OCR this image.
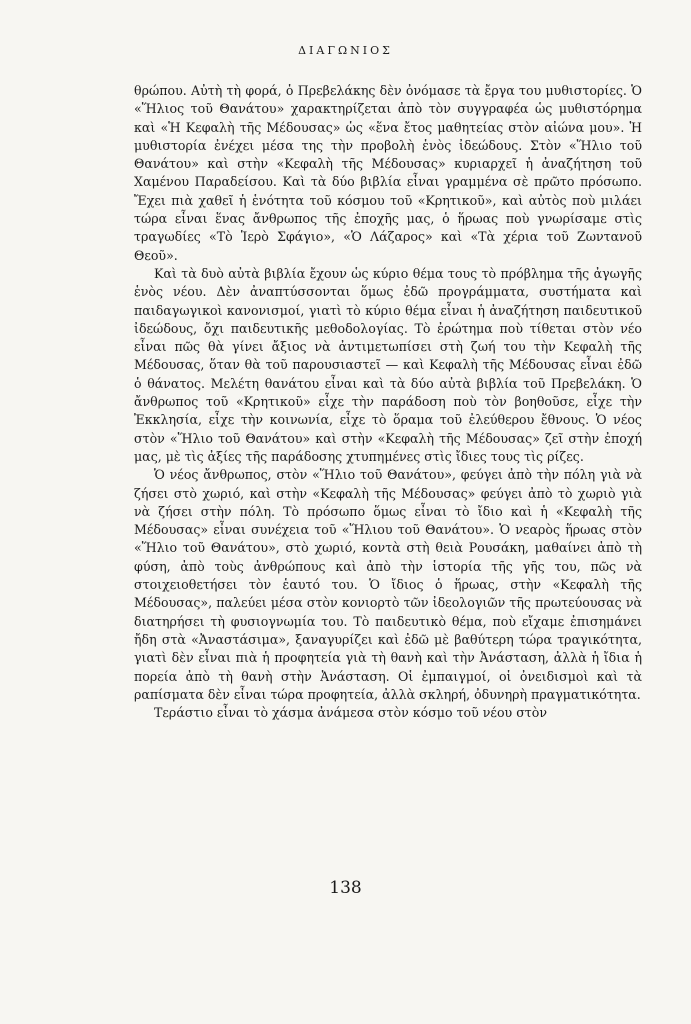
ΔΙΑΓΩΝΙΟΣ

θρώπου. Αὐτὴ τὴ φορά, ὁ Πρεβελάκης δὲν ὀνόμασε τὰ ἔργα του μυθιστορίες. Ὁ «Ἥλιος τοῦ Θανάτου» χαρακτηρίζεται ἀπὸ τὸν συγγραφέα ὡς μυθιστόρημα καὶ «Ἡ Κεφαλὴ τῆς Μέδουσας» ὡς «ἕνα ἔτος μαθητείας στὸν αἰώνα μου». Ἡ μυθιστορία ἐνέχει μέσα της τὴν προβολὴ ἑνὸς ἰδεώδους. Στὸν «Ἥλιο τοῦ Θανάτου» καὶ στὴν «Κεφαλὴ τῆς Μέδουσας» κυριαρχεῖ ἡ ἀναζήτηση τοῦ Χαμένου Παραδείσου. Καὶ τὰ δύο βιβλία εἶναι γραμμένα σὲ πρῶτο πρόσωπο. Ἔχει πιὰ χαθεῖ ἡ ἑνότητα τοῦ κόσμου τοῦ «Κρητικοῦ», καὶ αὐτὸς ποὺ μιλάει τώρα εἶναι ἕνας ἄνθρωπος τῆς ἐποχῆς μας, ὁ ἥρωας ποὺ γνωρίσαμε στὶς τραγωδίες «Τὸ Ἱερὸ Σφάγιο», «Ὁ Λάζαρος» καὶ «Τὰ χέρια τοῦ Ζωντανοῦ Θεοῦ».

Καὶ τὰ δυὸ αὐτὰ βιβλία ἔχουν ὡς κύριο θέμα τους τὸ πρόβλημα τῆς ἀγωγῆς ἑνὸς νέου. Δὲν ἀναπτύσσονται ὅμως ἐδῶ προγράμματα, συστήματα καὶ παιδαγωγικοὶ κανονισμοί, γιατὶ τὸ κύριο θέμα εἶναι ἡ ἀναζήτηση παιδευτικοῦ ἰδεώδους, ὄχι παιδευτικῆς μεθοδολογίας. Τὸ ἐρώτημα ποὺ τίθεται στὸν νέο εἶναι πῶς θὰ γίνει ἄξιος νὰ ἀντιμετωπίσει στὴ ζωή του τὴν Κεφαλὴ τῆς Μέδουσας, ὅταν θὰ τοῦ παρουσιαστεῖ — καὶ Κεφαλὴ τῆς Μέδουσας εἶναι ἐδῶ ὁ θάνατος. Μελέτη θανάτου εἶναι καὶ τὰ δύο αὐτὰ βιβλία τοῦ Πρεβελάκη. Ὁ ἄνθρωπος τοῦ «Κρητικοῦ» εἶχε τὴν παράδοση ποὺ τὸν βοηθοῦσε, εἶχε τὴν Ἐκκλησία, εἶχε τὴν κοινωνία, εἶχε τὸ ὅραμα τοῦ ἐλεύθερου ἔθνους. Ὁ νέος στὸν «Ἥλιο τοῦ Θανάτου» καὶ στὴν «Κεφαλὴ τῆς Μέδουσας» ζεῖ στὴν ἐποχή μας, μὲ τὶς ἀξίες τῆς παράδοσης χτυπημένες στὶς ἴδιες τους τὶς ρίζες.

Ὁ νέος ἄνθρωπος, στὸν «Ἥλιο τοῦ Θανάτου», φεύγει ἀπὸ τὴν πόλη γιὰ νὰ ζήσει στὸ χωριό, καὶ στὴν «Κεφαλὴ τῆς Μέδουσας» φεύγει ἀπὸ τὸ χωριὸ γιὰ νὰ ζήσει στὴν πόλη. Τὸ πρόσωπο ὅμως εἶναι τὸ ἴδιο καὶ ἡ «Κεφαλὴ τῆς Μέδουσας» εἶναι συνέχεια τοῦ «Ἥλιου τοῦ Θανάτου». Ὁ νεαρὸς ἥρωας στὸν «Ἥλιο τοῦ Θανάτου», στὸ χωριό, κοντὰ στὴ θειὰ Ρουσάκη, μαθαίνει ἀπὸ τὴ φύση, ἀπὸ τοὺς ἀνθρώπους καὶ ἀπὸ τὴν ἱστορία τῆς γῆς του, πῶς νὰ στοιχειοθετήσει τὸν ἑαυτό του. Ὁ ἴδιος ὁ ἥρωας, στὴν «Κεφαλὴ τῆς Μέδουσας», παλεύει μέσα στὸν κονιορτὸ τῶν ἰδεολογιῶν τῆς πρωτεύουσας νὰ διατηρήσει τὴ φυσιογνωμία του. Τὸ παιδευτικὸ θέμα, ποὺ εἴχαμε ἐπισημάνει ἤδη στὰ «Ἀναστάσιμα», ξαναγυρίζει καὶ ἐδῶ μὲ βαθύτερη τώρα τραγικότητα, γιατὶ δὲν εἶναι πιὰ ἡ προφητεία γιὰ τὴ θανὴ καὶ τὴν Ἀνάσταση, ἀλλὰ ἡ ἴδια ἡ πορεία ἀπὸ τὴ θανὴ στὴν Ἀνάσταση. Οἱ ἐμπαιγμοί, οἱ ὀνειδισμοὶ καὶ τὰ ραπίσματα δὲν εἶναι τώρα προφητεία, ἀλλὰ σκληρή, ὀδυνηρὴ πραγματικότητα.

Τεράστιο εἶναι τὸ χάσμα ἀνάμεσα στὸν κόσμο τοῦ νέου στὸν

138
